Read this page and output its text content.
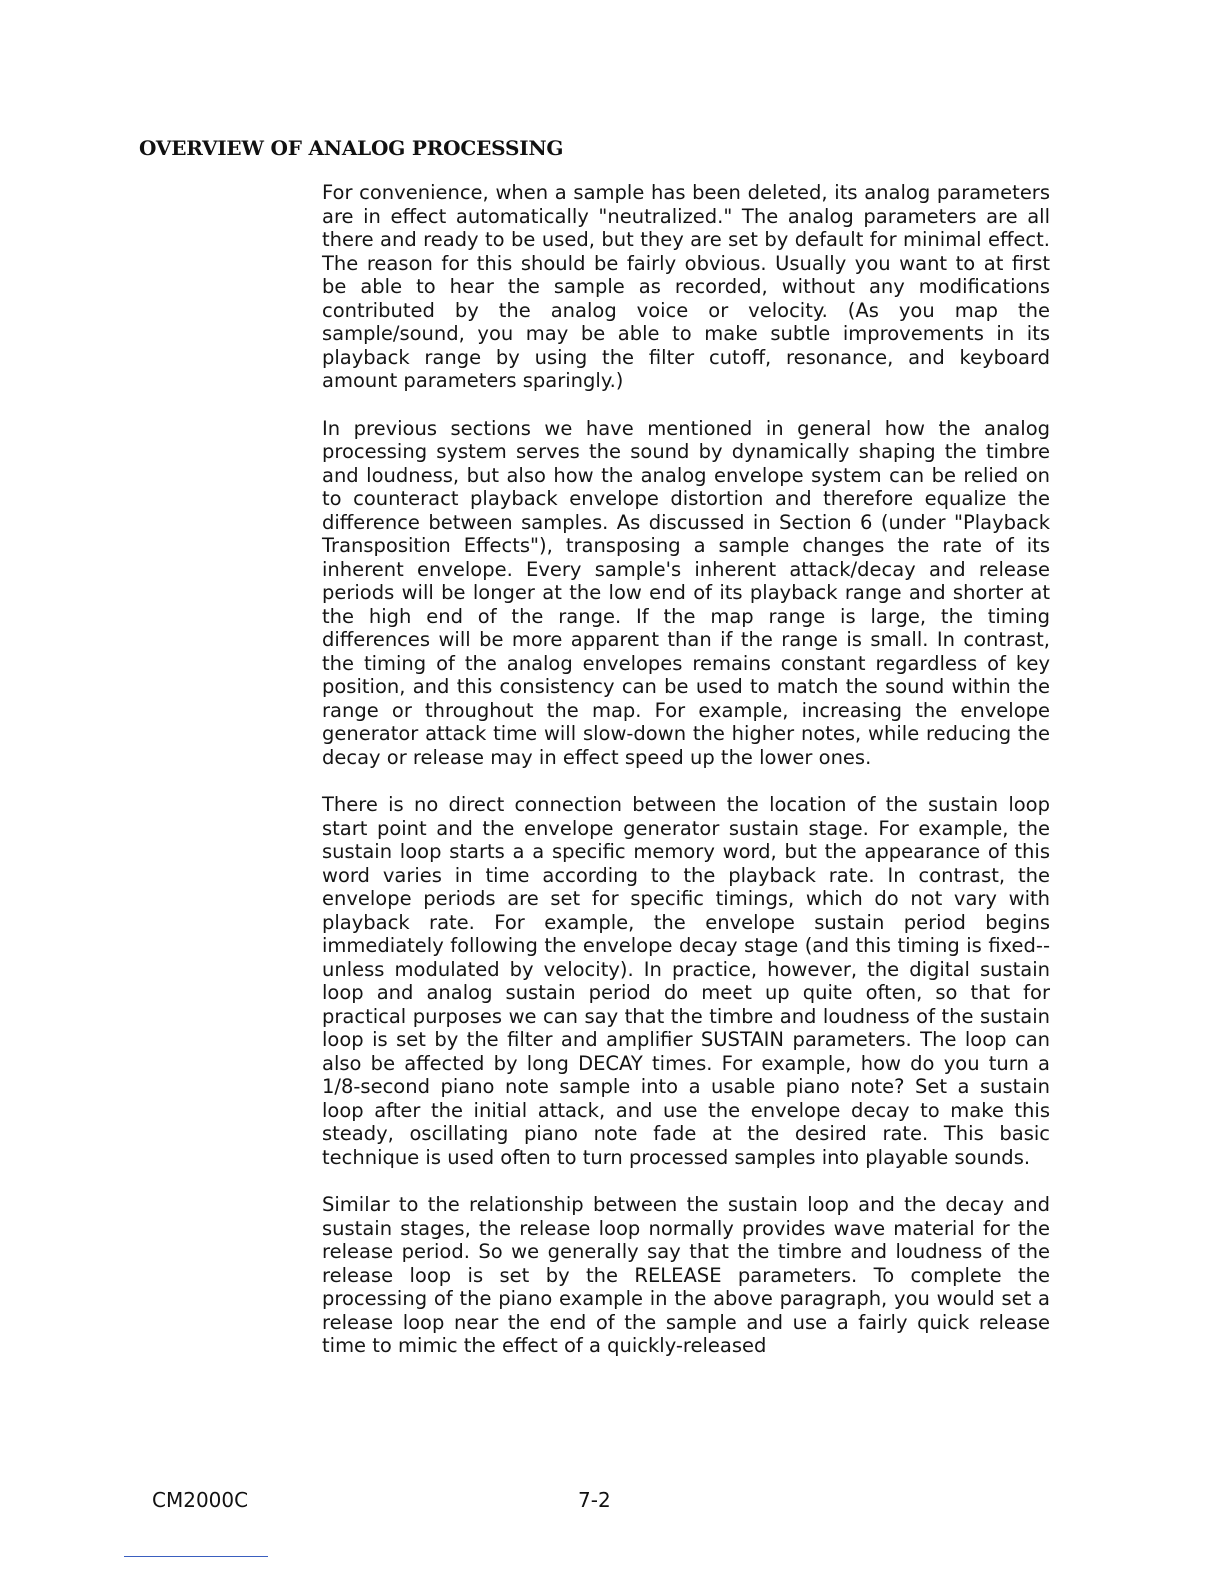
OVERVIEW OF ANALOG PROCESSING

For convenience, when a sample has been deleted, its analog parameters are in effect automatically "neutralized." The analog parameters are all there and ready to be used, but they are set by default for minimal effect. The reason for this should be fairly obvious. Usually you want to at first be able to hear the sample as recorded, without any modifications contributed by the analog voice or velocity. (As you map the sample/sound, you may be able to make subtle improvements in its playback range by using the filter cutoff, resonance, and keyboard amount parameters sparingly.)

In previous sections we have mentioned in general how the analog processing system serves the sound by dynamically shaping the timbre and loudness, but also how the analog envelope system can be relied on to counteract playback envelope distortion and therefore equalize the difference between samples. As discussed in Section 6 (under "Playback Transposition Effects"), transposing a sample changes the rate of its inherent envelope. Every sample's inherent attack/decay and release periods will be longer at the low end of its playback range and shorter at the high end of the range. If the map range is large, the timing differences will be more apparent than if the range is small. In contrast, the timing of the analog envelopes remains constant regardless of key position, and this consistency can be used to match the sound within the range or throughout the map. For example, increasing the envelope generator attack time will slow-down the higher notes, while reducing the decay or release may in effect speed up the lower ones.

There is no direct connection between the location of the sustain loop start point and the envelope generator sustain stage. For example, the sustain loop starts a a specific memory word, but the appearance of this word varies in time according to the playback rate. In contrast, the envelope periods are set for specific timings, which do not vary with playback rate. For example, the envelope sustain period begins immediately following the envelope decay stage (and this timing is fixed--unless modulated by velocity). In practice, however, the digital sustain loop and analog sustain period do meet up quite often, so that for practical purposes we can say that the timbre and loudness of the sustain loop is set by the filter and amplifier SUSTAIN parameters. The loop can also be affected by long DECAY times. For example, how do you turn a 1/8-second piano note sample into a usable piano note? Set a sustain loop after the initial attack, and use the envelope decay to make this steady, oscillating piano note fade at the desired rate. This basic technique is used often to turn processed samples into playable sounds.

Similar to the relationship between the sustain loop and the decay and sustain stages, the release loop normally provides wave material for the release period. So we generally say that the timbre and loudness of the release loop is set by the RELEASE parameters. To complete the processing of the piano example in the above paragraph, you would set a release loop near the end of the sample and use a fairly quick release time to mimic the effect of a quickly-released

CM2000C	7-2
